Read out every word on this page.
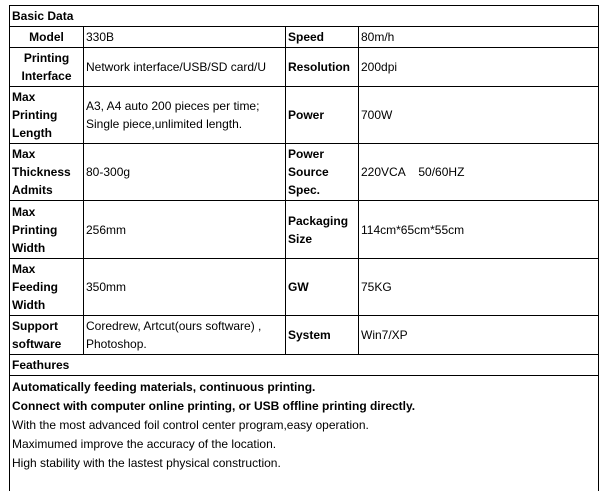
Basic Data			
Model	330B	Speed	80m/h
Printing Interface	Network interface/USB/SD card/U	Resolution	200dpi
Max Printing Length	A3, A4 auto 200 pieces per time; Single piece,unlimited length.	Power	700W
Max Thickness Admits	80-300g	Power Source Spec.	220VCA    50/60HZ
Max Printing Width	256mm	Packaging Size	114cm*65cm*55cm
Max Feeding Width	350mm	GW	75KG
Support software	Coredrew, Artcut(ours software) , Photoshop.	System	Win7/XP
Feathures			

Automatically feeding materials, continuous printing.
Connect with computer online printing, or USB offline printing directly.
With the most advanced foil control center program,easy operation.
Maximumed improve the accuracy of the location.
High stability with the lastest physical construction.			
